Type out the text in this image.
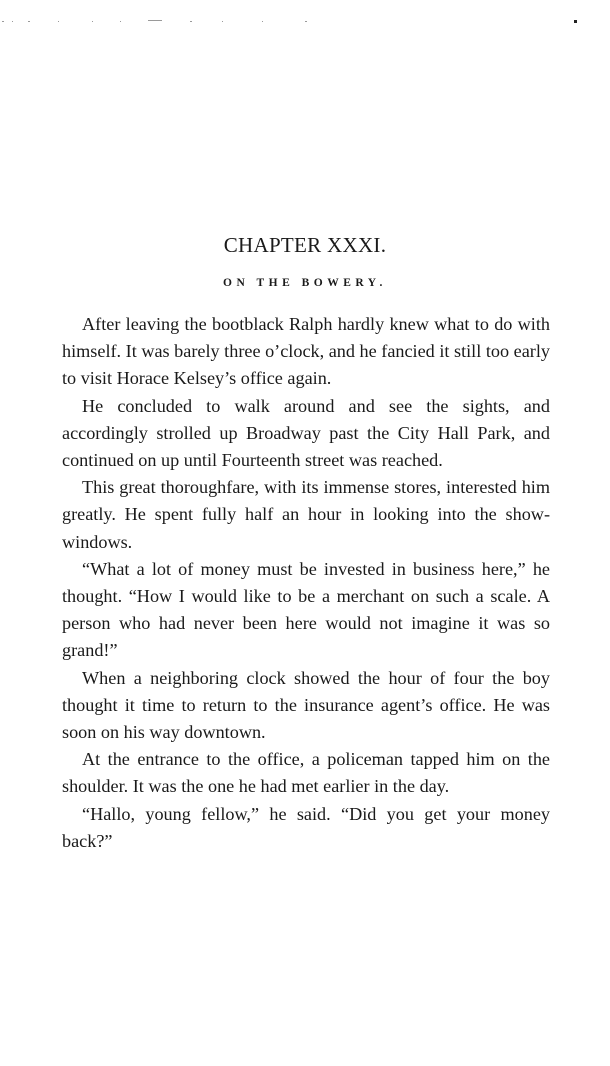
CHAPTER XXXI.
ON THE BOWERY.

After leaving the bootblack Ralph hardly knew what to do with himself. It was barely three o’clock, and he fancied it still too early to visit Horace Kelsey’s office again.

He concluded to walk around and see the sights, and accordingly strolled up Broadway past the City Hall Park, and continued on up until Fourteenth street was reached.

This great thoroughfare, with its immense stores, interested him greatly. He spent fully half an hour in looking into the show-windows.

“What a lot of money must be invested in business here,” he thought. “How I would like to be a merchant on such a scale. A person who had never been here would not imagine it was so grand!”

When a neighboring clock showed the hour of four the boy thought it time to return to the insurance agent’s office. He was soon on his way downtown.

At the entrance to the office, a policeman tapped him on the shoulder. It was the one he had met earlier in the day.

“Hallo, young fellow,” he said. “Did you get your money back?”
